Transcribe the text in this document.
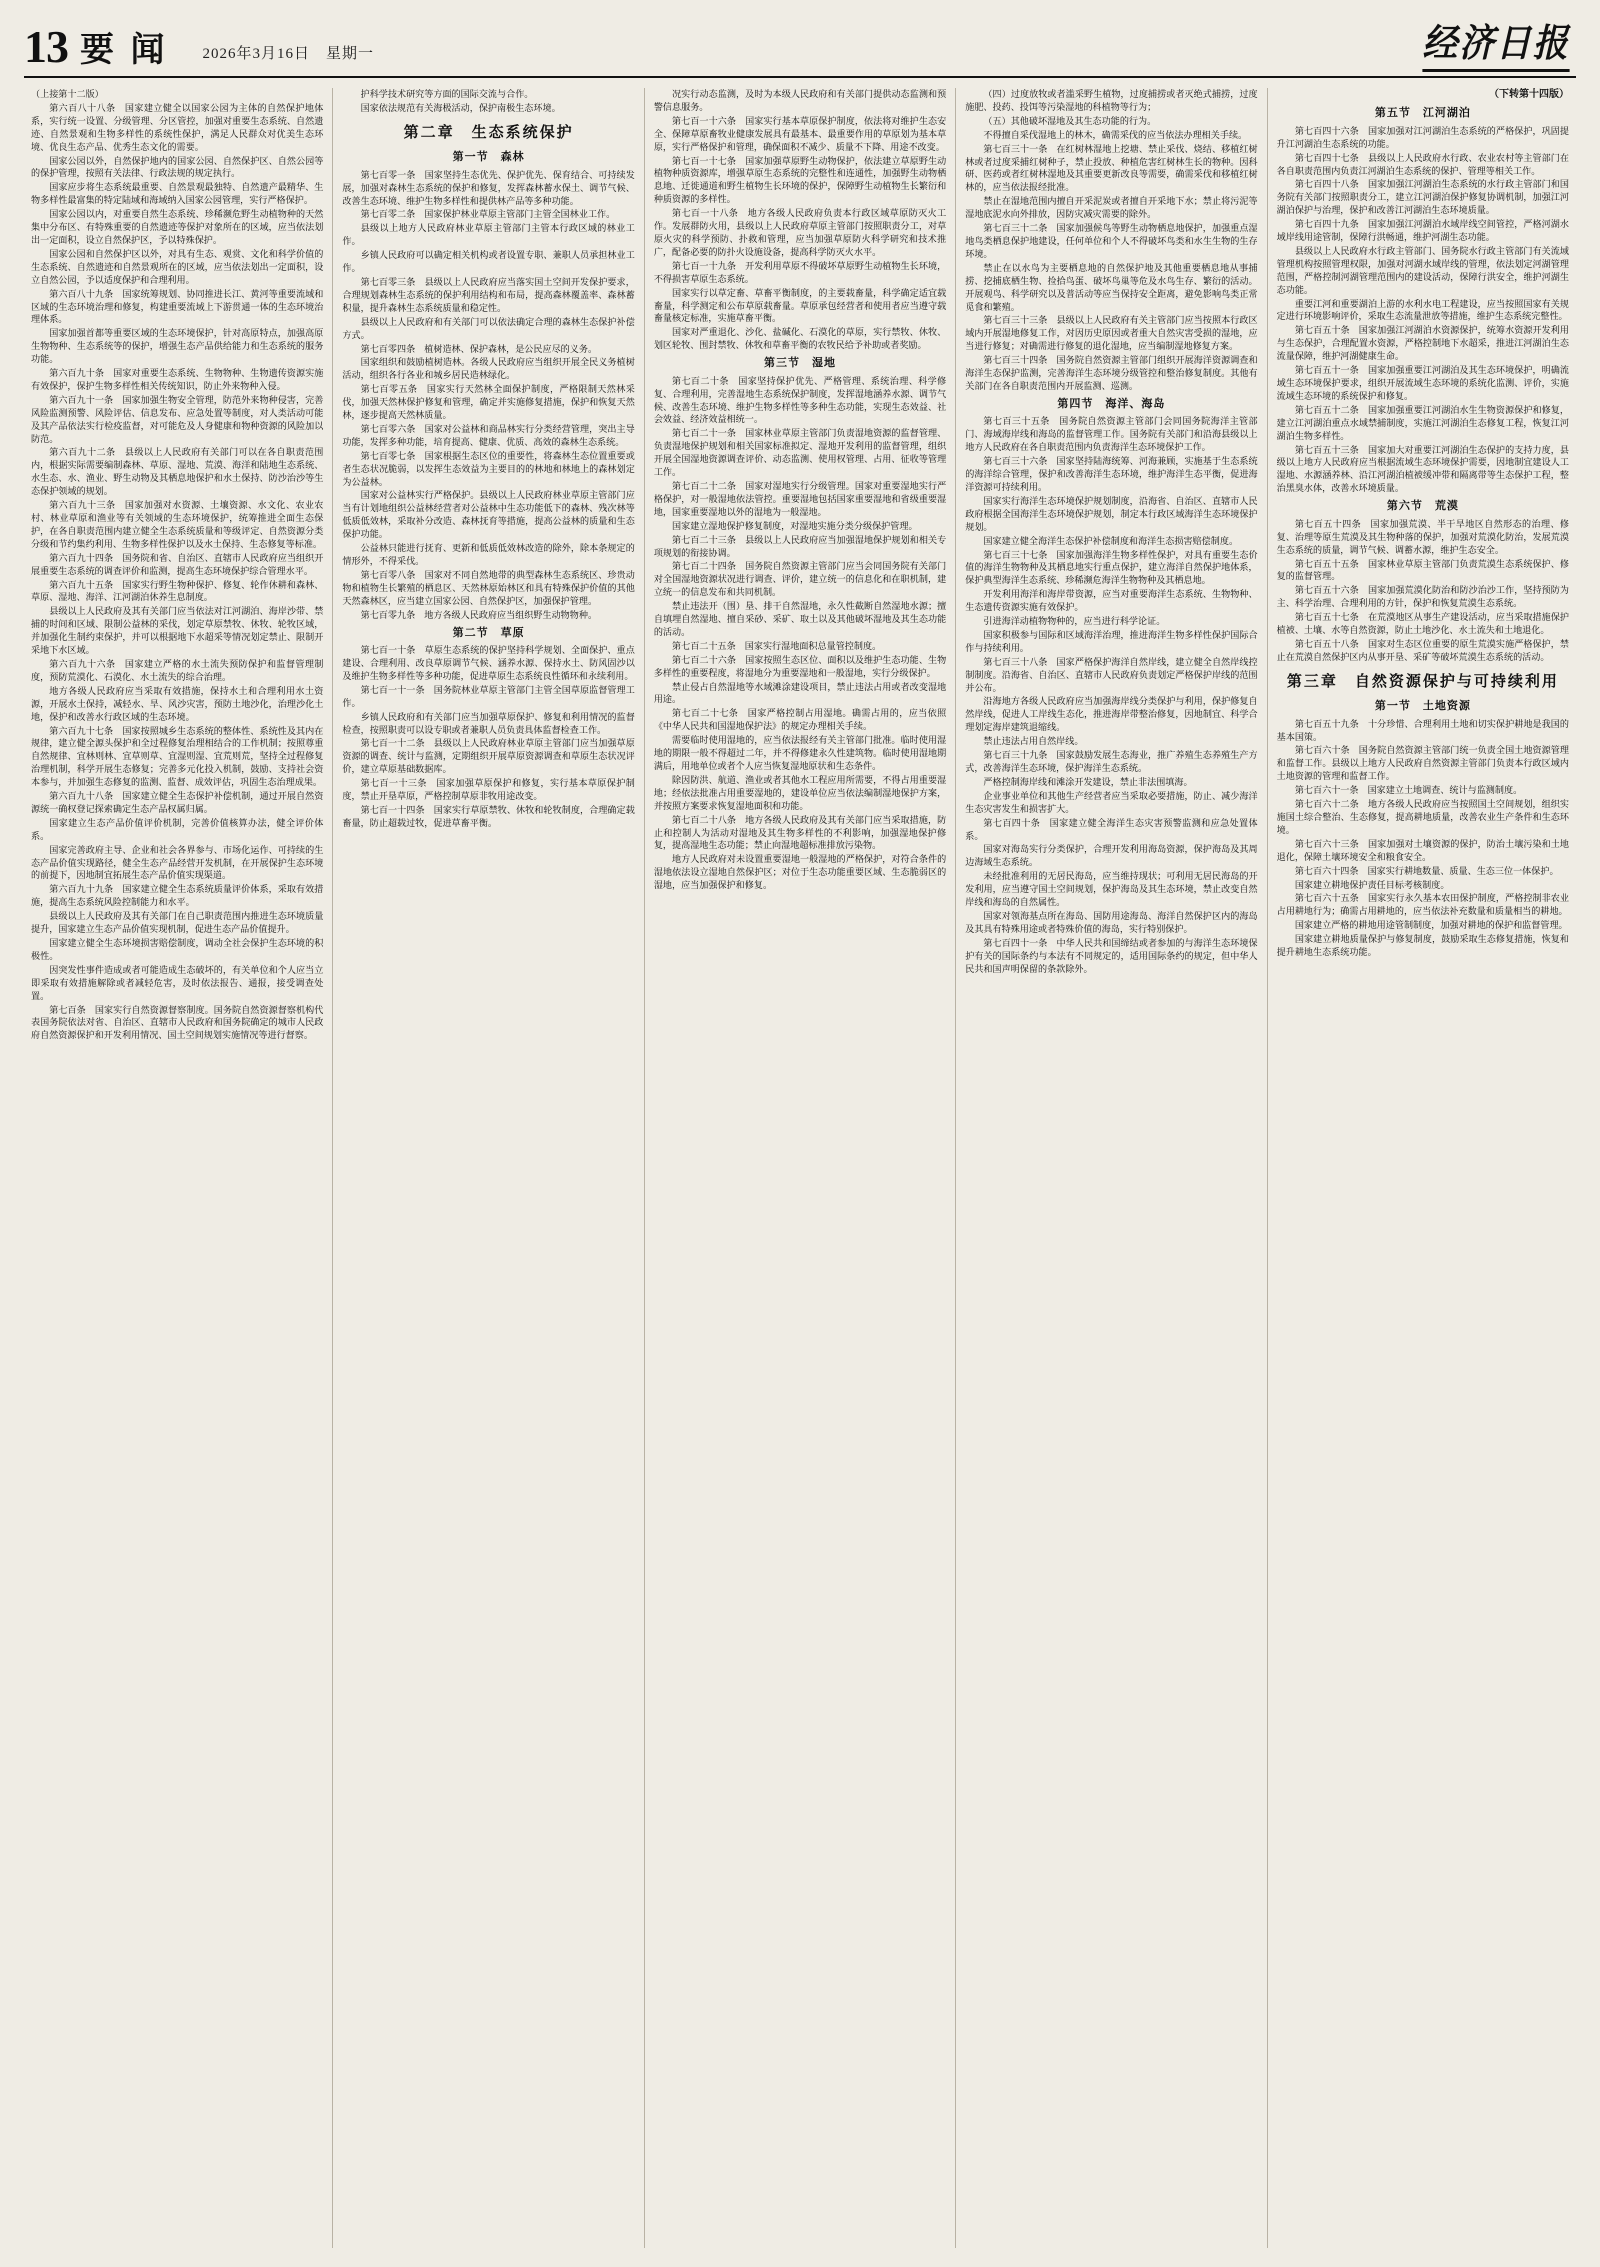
13 要 闻 2026年3月16日　星期一	经济日报

（上接第十二版）

第六百八十八条　国家建立健全以国家公园为主体的自然保护地体系，实行统一设置、分级管理、分区管控，加强对重要生态系统、自然遗迹、自然景观和生物多样性的系统性保护，满足人民群众对优美生态环境、优良生态产品、优秀生态文化的需要。

国家公园以外，自然保护地内的国家公园、自然保护区、自然公园等的保护管理，按照有关法律、行政法规的规定执行。

国家应步将生态系统最重要、自然景观最独特、自然遗产最精华、生物多样性最富集的特定陆域和海域纳入国家公园管理，实行严格保护。

国家公园以内，对重要自然生态系统、珍稀濒危野生动植物种的天然集中分布区、有特殊重要的自然遗迹等保护对象所在的区域，应当依法划出一定面积，设立自然保护区，予以特殊保护。

国家公园和自然保护区以外，对具有生态、观赏、文化和科学价值的生态系统、自然遗迹和自然景观所在的区域，应当依法划出一定面积，设立自然公园，予以适度保护和合理利用。

第六百八十九条　国家统筹规划、协同推进长江、黄河等重要流域和区域的生态环境治理和修复，构建重要流域上下游贯通一体的生态环境治理体系。

国家加强首都等重要区域的生态环境保护，针对高原特点，加强高原生物物种、生态系统等的保护，增强生态产品供给能力和生态系统的服务功能。

第六百九十条　国家对重要生态系统、生物物种、生物遗传资源实施有效保护，保护生物多样性相关传统知识，防止外来物种入侵。

第六百九十一条　国家加强生物安全管理，防范外来物种侵害，完善风险监测预警、风险评估、信息发布、应急处置等制度，对人类活动可能及其产品依法实行检疫监督，对可能危及人身健康和物种资源的风险加以防范。

第六百九十二条　县级以上人民政府有关部门可以在各自职责范围内，根据实际需要编制森林、草原、湿地、荒漠、海洋和陆地生态系统、水生态、水、渔业、野生动物及其栖息地保护和水土保持、防沙治沙等生态保护领域的规划。

第六百九十三条　国家加强对水资源、土壤资源、水文化、农业农村、林业草原和渔业等有关领域的生态环境保护，统筹推进全面生态保护，在各自职责范围内建立健全生态系统质量和等级评定、自然资源分类分级和节约集约利用、生物多样性保护以及水土保持、生态修复等标准。

第六百九十四条　国务院和省、自治区、直辖市人民政府应当组织开展重要生态系统的调查评价和监测，提高生态环境保护综合管理水平。

第六百九十五条　国家实行野生物种保护、修复、轮作休耕和森林、草原、湿地、海洋、江河湖泊休养生息制度。

县级以上人民政府及其有关部门应当依法对江河湖泊、海岸沙带、禁捕的时间和区域、限制公益林的采伐，划定草原禁牧、休牧、轮牧区域，并加强化生制约束保护，并可以根据地下水超采等情况划定禁止、限制开采地下水区域。

第六百九十六条　国家建立严格的水土流失预防保护和监督管理制度，预防荒漠化、石漠化、水土流失的综合治理。

地方各级人民政府应当采取有效措施，保持水土和合理利用水土资源，开展水土保持，减轻水、旱、风沙灾害，预防土地沙化，治理沙化土地，保护和改善水行政区域的生态环境。

第六百九十七条　国家按照城乡生态系统的整体性、系统性及其内在规律，建立健全源头保护和全过程修复治理相结合的工作机制；按照尊重自然规律、宜林则林、宜草则草、宜湿则湿、宜荒则荒，坚持全过程修复治理机制，科学开展生态修复；完善多元化投入机制，鼓励、支持社会资本参与，并加强生态修复的监测、监督、成效评估，巩固生态治理成果。

第六百九十八条　国家建立健全生态保护补偿机制，通过开展自然资源统一确权登记探索确定生态产品权属归属。

国家建立生态产品价值评价机制，完善价值核算办法，健全评价体系。

国家完善政府主导、企业和社会各界参与、市场化运作、可持续的生态产品价值实现路径，健全生态产品经营开发机制，在开展保护生态环境的前提下，因地制宜拓展生态产品价值实现渠道。

第六百九十九条　国家建立健全生态系统质量评价体系，采取有效措施，提高生态系统风险控制能力和水平。

县级以上人民政府及其有关部门在自己职责范围内推进生态环境质量提升，国家建立生态产品价值实现机制，促进生态产品价值提升。

国家建立健全生态环境损害赔偿制度，调动全社会保护生态环境的积极性。

因突发性事件造成或者可能造成生态破坏的，有关单位和个人应当立即采取有效措施解除或者减轻危害，及时依法报告、通报，接受调查处置。

第七百条　国家实行自然资源督察制度。国务院自然资源督察机构代表国务院依法对省、自治区、直辖市人民政府和国务院确定的城市人民政府自然资源保护和开发利用情况、国土空间规划实施情况等进行督察。

护科学技术研究等方面的国际交流与合作。

国家依法规范有关海极活动，保护南极生态环境。

第二章　生态系统保护
第一节　森林

第七百零一条　国家坚持生态优先、保护优先、保育结合、可持续发展，加强对森林生态系统的保护和修复，发挥森林蓄水保土、调节气候、改善生态环境、维护生物多样性和提供林产品等多种功能。

第七百零二条　国家保护林业草原主管部门主管全国林业工作。

县级以上地方人民政府林业草原主管部门主管本行政区域的林业工作。

乡镇人民政府可以确定相关机构或者设置专职、兼职人员承担林业工作。

第七百零三条　县级以上人民政府应当落实国土空间开发保护要求，合理规划森林生态系统的保护利用结构和布局，提高森林覆盖率、森林蓄积量，提升森林生态系统质量和稳定性。

县级以上人民政府和有关部门可以依法确定合理的森林生态保护补偿方式。

第七百零四条　植树造林、保护森林，是公民应尽的义务。

国家组织和鼓励植树造林。各级人民政府应当组织开展全民义务植树活动，组织各行各业和城乡居民造林绿化。

第七百零五条　国家实行天然林全面保护制度，严格限制天然林采伐，加强天然林保护修复和管理，确定并实施修复措施，保护和恢复天然林，逐步提高天然林质量。

第七百零六条　国家对公益林和商品林实行分类经营管理，突出主导功能，发挥多种功能，培育提高、健康、优质、高效的森林生态系统。

第七百零七条　国家根据生态区位的重要性，将森林生态位置重要或者生态状况脆弱，以发挥生态效益为主要目的的林地和林地上的森林划定为公益林。

国家对公益林实行严格保护。县级以上人民政府林业草原主管部门应当有计划地组织公益林经营者对公益林中生态功能低下的森林、残次林等低质低效林，采取补分改造、森林抚育等措施，提高公益林的质量和生态保护功能。

公益林只能进行抚育、更新和低质低效林改造的除外，除本条规定的情形外，不得采伐。

第七百零八条　国家对不同自然地带的典型森林生态系统区、珍贵动物和植物生长繁殖的栖息区、天然林原始林区和具有特殊保护价值的其他天然森林区，应当建立国家公园、自然保护区，加强保护管理。

第七百零九条　地方各级人民政府应当组织野生动物物种。

第二节　草原

第七百一十条　草原生态系统的保护坚持科学规划、全面保护、重点建设、合理利用、改良草原调节气候、涵养水源、保持水土、防风固沙以及维护生物多样性等多种功能，促进草原生态系统良性循环和永续利用。

第七百一十一条　国务院林业草原主管部门主管全国草原监督管理工作。

乡镇人民政府和有关部门应当加强草原保护、修复和利用情况的监督检查，按照职责可以设专职或者兼职人员负责具体监督检查工作。

第七百一十二条　县级以上人民政府林业草原主管部门应当加强草原资源的调查、统计与监测，定期组织开展草原资源调查和草原生态状况评价，建立草原基础数据库。

第七百一十三条　国家加强草原保护和修复，实行基本草原保护制度，禁止开垦草原，严格控制草原非牧用途改变。

第七百一十四条　国家实行草原禁牧、休牧和轮牧制度，合理确定载畜量，防止超载过牧，促进草畜平衡。

况实行动态监测，及时为本级人民政府和有关部门提供动态监测和预警信息服务。

第七百一十六条　国家实行基本草原保护制度，依法将对维护生态安全、保障草原畜牧业健康发展具有最基本、最重要作用的草原划为基本草原，实行严格保护和管理，确保面积不减少、质量不下降、用途不改变。

第七百一十七条　国家加强草原野生动物保护，依法建立草原野生动植物种质资源库，增强草原生态系统的完整性和连通性，加强野生动物栖息地、迁徙通道和野生植物生长环境的保护，保障野生动植物生长繁衍和种质资源的多样性。

第七百一十八条　地方各级人民政府负责本行政区域草原防灭火工作。发展群防火用，县级以上人民政府草原主管部门按照职责分工，对草原火灾的科学预防、扑救和管理，应当加强草原防火科学研究和技术推广，配备必要的防扑火设施设备，提高科学防灭火水平。

第七百一十九条　开发利用草原不得破坏草原野生动植物生长环境，不得损害草原生态系统。

国家实行以草定畜、草畜平衡制度，的主要载畜量，科学确定适宜载畜量，科学测定和公布草原载畜量。草原承包经营者和使用者应当遵守载畜量核定标准，实施草畜平衡。

国家对严重退化、沙化、盐碱化、石漠化的草原，实行禁牧、休牧、划区轮牧、围封禁牧、休牧和草畜平衡的农牧民给予补助或者奖励。

第三节　湿地

第七百二十条　国家坚持保护优先、严格管理、系统治理、科学修复、合理利用，完善湿地生态系统保护制度，发挥湿地涵养水源、调节气候、改善生态环境、维护生物多样性等多种生态功能，实现生态效益、社会效益、经济效益相统一。

第七百二十一条　国家林业草原主管部门负责湿地资源的监督管理、负责湿地保护规划和相关国家标准拟定、湿地开发利用的监督管理，组织开展全国湿地资源调查评价、动态监测、使用权管理、占用、征收等管理工作。

第七百二十二条　国家对湿地实行分级管理。国家对重要湿地实行严格保护，对一般湿地依法管控。重要湿地包括国家重要湿地和省级重要湿地，国家重要湿地以外的湿地为一般湿地。

国家建立湿地保护修复制度，对湿地实施分类分级保护管理。

第七百二十三条　县级以上人民政府应当加强湿地保护规划和相关专项规划的衔接协调。

第七百二十四条　国务院自然资源主管部门应当会同国务院有关部门对全国湿地资源状况进行调查、评价，建立统一的信息化和在职机制，建立统一的信息发布和共同机制。

禁止违法开（围）垦、排干自然湿地，永久性截断自然湿地水源；擅自填埋自然湿地、擅自采砂、采矿、取土以及其他破坏湿地及其生态功能的活动。

第七百二十五条　国家实行湿地面积总量管控制度。

第七百二十六条　国家按照生态区位、面积以及维护生态功能、生物多样性的重要程度，将湿地分为重要湿地和一般湿地，实行分级保护。

禁止侵占自然湿地等水域滩涂建设项目，禁止违法占用或者改变湿地用途。

第七百二十七条　国家严格控制占用湿地。确需占用的，应当依照《中华人民共和国湿地保护法》的规定办理相关手续。

需要临时使用湿地的，应当依法报经有关主管部门批准。临时使用湿地的期限一般不得超过二年，并不得修建永久性建筑物。临时使用湿地期满后，用地单位或者个人应当恢复湿地原状和生态条件。

除因防洪、航道、渔业或者其他水工程应用所需要，不得占用重要湿地；经依法批准占用重要湿地的，建设单位应当依法编制湿地保护方案，并按照方案要求恢复湿地面积和功能。

第七百二十八条　地方各级人民政府及其有关部门应当采取措施，防止和控制人为活动对湿地及其生物多样性的不利影响，加强湿地保护修复，提高湿地生态功能；禁止向湿地超标准排放污染物。

地方人民政府对未设置重要湿地一般湿地的严格保护，对符合条件的湿地依法设立湿地自然保护区；对位于生态功能重要区域、生态脆弱区的湿地，应当加强保护和修复。

（四）过度放牧或者滥采野生植物，过度捕捞或者灭绝式捕捞，过度施肥、投药、投饵等污染湿地的科植物等行为；

（五）其他破坏湿地及其生态功能的行为。

不得擅自采伐湿地上的林木，确需采伐的应当依法办理相关手续。

第七百三十一条　在红树林湿地上挖塘、禁止采伐、烧结、移植红树林或者过度采捕红树种子，禁止投放、种植危害红树林生长的物种。因科研、医药或者红树林湿地及其重要更新改良等需要，确需采伐和移植红树林的，应当依法报经批准。

禁止在湿地范围内擅自开采泥炭或者擅自开采地下水；禁止将污泥等湿地底泥水向外排放，因防灾减灾需要的除外。

第七百三十二条　国家加强候鸟等野生动物栖息地保护，加强重点湿地鸟类栖息保护地建设，任何单位和个人不得破坏鸟类和水生生物的生存环境。

禁止在以水鸟为主要栖息地的自然保护地及其他重要栖息地从事捕捞、挖捕底栖生物、捡拾鸟蛋、破坏鸟巢等危及水鸟生存、繁衍的活动。开展观鸟、科学研究以及普活动等应当保持安全距离，避免影响鸟类正常觅食和繁殖。

第七百三十三条　县级以上人民政府有关主管部门应当按照本行政区域内开展湿地修复工作，对因历史原因或者重大自然灾害受损的湿地，应当进行修复；对确需进行修复的退化湿地，应当编制湿地修复方案。

第七百三十四条　国务院自然资源主管部门组织开展海洋资源调查和海洋生态保护监测，完善海洋生态环境分级管控和整治修复制度。其他有关部门在各自职责范围内开展监测、巡测。

第四节　海洋、海岛

第七百三十五条　国务院自然资源主管部门会同国务院海洋主管部门、海域海岸线和海岛的监督管理工作。国务院有关部门和沿海县级以上地方人民政府在各自职责范围内负责海洋生态环境保护工作。

第七百三十六条　国家坚持陆海统筹、河海兼顾，实施基于生态系统的海洋综合管理，保护和改善海洋生态环境，维护海洋生态平衡，促进海洋资源可持续利用。

国家实行海洋生态环境保护规划制度，沿海省、自治区、直辖市人民政府根据全国海洋生态环境保护规划，制定本行政区域海洋生态环境保护规划。

国家建立健全海洋生态保护补偿制度和海洋生态损害赔偿制度。

第七百三十七条　国家加强海洋生物多样性保护，对具有重要生态价值的海洋生物物种及其栖息地实行重点保护，建立海洋自然保护地体系，保护典型海洋生态系统、珍稀濒危海洋生物物种及其栖息地。

开发利用海洋和海岸带资源，应当对重要海洋生态系统、生物物种、生态遗传资源实施有效保护。

引进海洋动植物物种的，应当进行科学论证。

国家积极参与国际和区域海洋治理，推进海洋生物多样性保护国际合作与持续利用。

第七百三十八条　国家严格保护海洋自然岸线，建立健全自然岸线控制制度。沿海省、自治区、直辖市人民政府负责划定严格保护岸线的范围并公布。

沿海地方各级人民政府应当加强海岸线分类保护与利用，保护修复自然岸线，促进人工岸线生态化，推进海岸带整治修复，因地制宜、科学合理划定海岸建筑退缩线。

禁止违法占用自然岸线。

第七百三十九条　国家鼓励发展生态海业，推广养殖生态养殖生产方式，改善海洋生态环境，保护海洋生态系统。

严格控制海岸线和滩涂开发建设，禁止非法围填海。

企业事业单位和其他生产经营者应当采取必要措施，防止、减少海洋生态灾害发生和损害扩大。

第七百四十条　国家建立健全海洋生态灾害预警监测和应急处置体系。

国家对海岛实行分类保护，合理开发利用海岛资源，保护海岛及其周边海域生态系统。

未经批准利用的无居民海岛，应当维持现状；可利用无居民海岛的开发利用，应当遵守国土空间规划，保护海岛及其生态环境，禁止改变自然岸线和海岛的自然属性。

国家对领海基点所在海岛、国防用途海岛、海洋自然保护区内的海岛及其具有特殊用途或者特殊价值的海岛，实行特别保护。

第七百四十一条　中华人民共和国缔结或者参加的与海洋生态环境保护有关的国际条约与本法有不同规定的，适用国际条约的规定，但中华人民共和国声明保留的条款除外。

（下转第十四版）

第五节　江河湖泊

第七百四十六条　国家加强对江河湖泊生态系统的严格保护，巩固提升江河湖泊生态系统的功能。

第七百四十七条　县级以上人民政府水行政、农业农村等主管部门在各自职责范围内负责江河湖泊生态系统的保护、管理等相关工作。

第七百四十八条　国家加强江河湖泊生态系统的水行政主管部门和国务院有关部门按照职责分工，建立江河湖泊保护修复协调机制，加强江河湖泊保护与治理，保护和改善江河湖泊生态环境质量。

第七百四十九条　国家加强江河湖泊水域岸线空间管控，严格河湖水域岸线用途管制，保障行洪畅通，维护河湖生态功能。

县级以上人民政府水行政主管部门、国务院水行政主管部门有关流域管理机构按照管理权限，加强对河湖水域岸线的管理，依法划定河湖管理范围，严格控制河湖管理范围内的建设活动，保障行洪安全，维护河湖生态功能。

重要江河和重要湖泊上游的水利水电工程建设，应当按照国家有关规定进行环境影响评价，采取生态流量泄放等措施，维护生态系统完整性。

第七百五十条　国家加强江河湖泊水资源保护，统筹水资源开发利用与生态保护，合理配置水资源，严格控制地下水超采，推进江河湖泊生态流量保障，维护河湖健康生命。

第七百五十一条　国家加强重要江河湖泊及其生态环境保护，明确流域生态环境保护要求，组织开展流域生态环境的系统化监测、评价，实施流域生态环境的系统保护和修复。

第七百五十二条　国家加强重要江河湖泊水生生物资源保护和修复，建立江河湖泊重点水域禁捕制度，实施江河湖泊生态修复工程，恢复江河湖泊生物多样性。

第七百五十三条　国家加大对重要江河湖泊生态保护的支持力度，县级以上地方人民政府应当根据流域生态环境保护需要，因地制宜建设人工湿地、水源涵养林、沿江河湖泊植被缓冲带和隔离带等生态保护工程，整治黑臭水体，改善水环境质量。

第六节　荒漠

第七百五十四条　国家加强荒漠、半干旱地区自然形态的治理、修复、治理等原生荒漠及其生物种落的保护，加强对荒漠化防治，发展荒漠生态系统的质量，调节气候、调蓄水源，维护生态安全。

第七百五十五条　国家林业草原主管部门负责荒漠生态系统保护、修复的监督管理。

第七百五十六条　国家加强荒漠化防治和防沙治沙工作，坚持预防为主、科学治理、合理利用的方针，保护和恢复荒漠生态系统。

第七百五十七条　在荒漠地区从事生产建设活动，应当采取措施保护植被、土壤、水等自然资源，防止土地沙化、水土流失和土地退化。

第七百五十八条　国家对生态区位重要的原生荒漠实施严格保护，禁止在荒漠自然保护区内从事开垦、采矿等破坏荒漠生态系统的活动。

第三章　自然资源保护与可持续利用
第一节　土地资源

第七百五十九条　十分珍惜、合理利用土地和切实保护耕地是我国的基本国策。

第七百六十条　国务院自然资源主管部门统一负责全国土地资源管理和监督工作。县级以上地方人民政府自然资源主管部门负责本行政区域内土地资源的管理和监督工作。

第七百六十一条　国家建立土地调查、统计与监测制度。

第七百六十二条　地方各级人民政府应当按照国土空间规划，组织实施国土综合整治、生态修复，提高耕地质量，改善农业生产条件和生态环境。

第七百六十三条　国家加强对土壤资源的保护，防治土壤污染和土地退化，保障土壤环境安全和粮食安全。

第七百六十四条　国家实行耕地数量、质量、生态三位一体保护。

国家建立耕地保护责任目标考核制度。

第七百六十五条　国家实行永久基本农田保护制度，严格控制非农业占用耕地行为；确需占用耕地的，应当依法补充数量和质量相当的耕地。

国家建立严格的耕地用途管制制度，加强对耕地的保护和监督管理。

国家建立耕地质量保护与修复制度，鼓励采取生态修复措施，恢复和提升耕地生态系统功能。
